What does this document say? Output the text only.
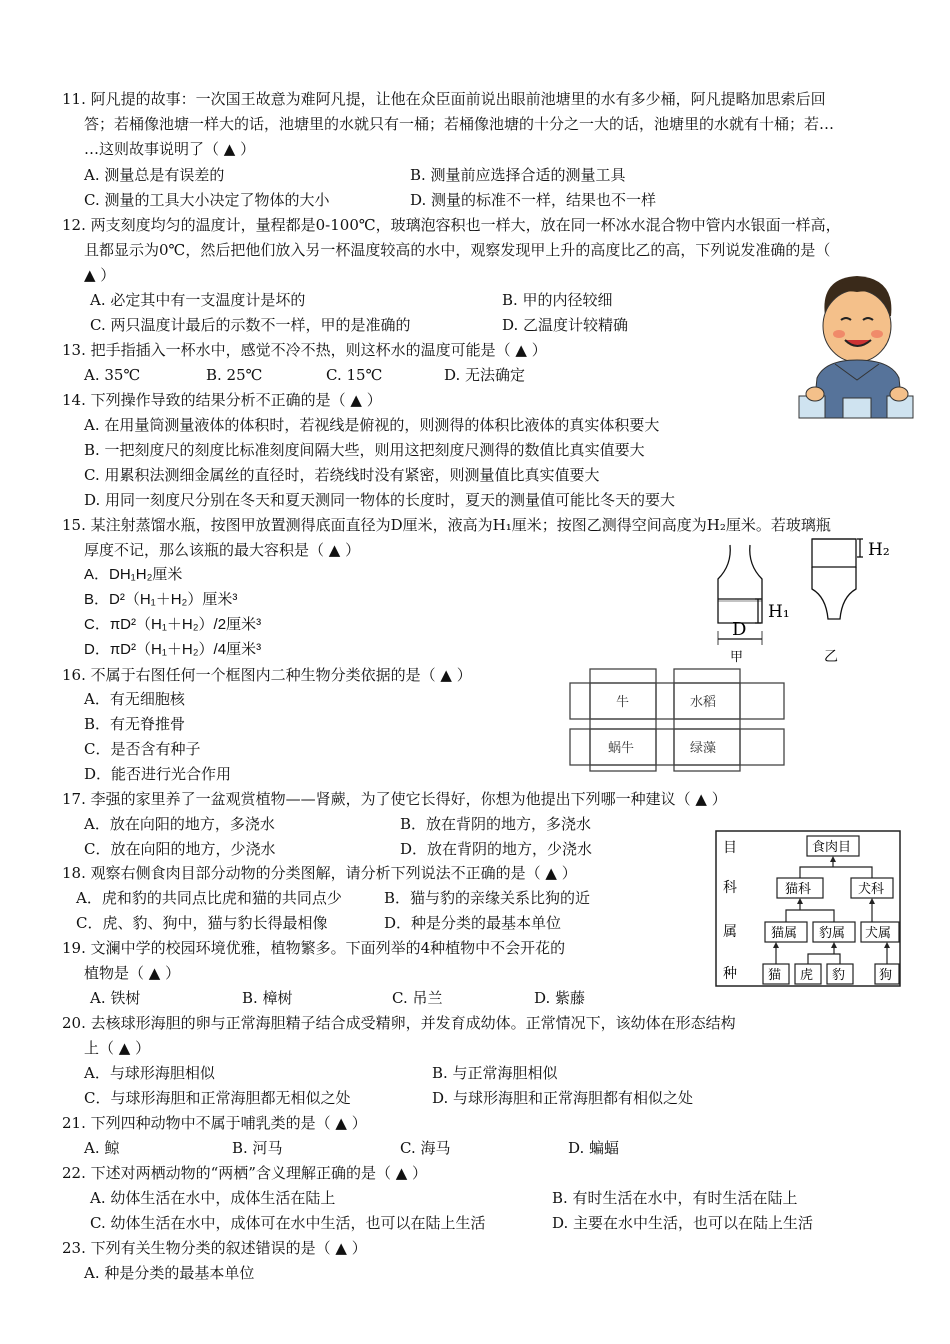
11. 阿凡提的故事：一次国王故意为难阿凡提，让他在众臣面前说出眼前池塘里的水有多少桶，阿凡提略加思索后回
答；若桶像池塘一样大的话，池塘里的水就只有一桶；若桶像池塘的十分之一大的话，池塘里的水就有十桶；若…
…这则故事说明了（ ▲ ）
A. 测量总是有误差的	B. 测量前应选择合适的测量工具
C. 测量的工具大小决定了物体的大小	D. 测量的标准不一样，结果也不一样
12. 两支刻度均匀的温度计，量程都是0-100℃，玻璃泡容积也一样大，放在同一杯冰水混合物中管内水银面一样高，
且都显示为0℃，然后把他们放入另一杯温度较高的水中，观察发现甲上升的高度比乙的高，下列说发准确的是（
▲ ）
A. 必定其中有一支温度计是坏的	B. 甲的内径较细
C. 两只温度计最后的示数不一样，甲的是准确的	D. 乙温度计较精确
13. 把手指插入一杯水中，感觉不冷不热，则这杯水的温度可能是（ ▲ ）
A. 35℃	B. 25℃	C. 15℃	D. 无法确定
14. 下列操作导致的结果分析不正确的是（ ▲ ）
A. 在用量筒测量液体的体积时，若视线是俯视的，则测得的体积比液体的真实体积要大
B. 一把刻度尺的刻度比标准刻度间隔大些，则用这把刻度尺测得的数值比真实值要大
C. 用累积法测细金属丝的直径时，若绕线时没有紧密，则测量值比真实值要大
D. 用同一刻度尺分别在冬天和夏天测同一物体的长度时，夏天的测量值可能比冬天的要大
15. 某注射蒸馏水瓶，按图甲放置测得底面直径为D厘米，液高为H₁厘米；按图乙测得空间高度为H₂厘米。若玻璃瓶
厚度不记，那么该瓶的最大容积是（ ▲ ）
A．DH₁H₂厘米
B．D²（H₁＋H₂）厘米³
C．πD²（H₁＋H₂）/2厘米³
D．πD²（H₁＋H₂）/4厘米³
H₁
D
甲
H₂
乙
16. 不属于右图任何一个框图内二种生物分类依据的是（ ▲ ）
A．有无细胞核
B．有无脊推骨
C．是否含有种子
D．能否进行光合作用
牛	水稻
蜗牛	绿藻
17. 李强的家里养了一盆观赏植物——肾蕨，为了使它长得好，你想为他提出下列哪一种建议（ ▲ ）
A．放在向阳的地方，多浇水	B．放在背阴的地方，多浇水
C．放在向阳的地方，少浇水	D．放在背阴的地方，少浇水
18. 观察右侧食肉目部分动物的分类图解，请分析下列说法不正确的是（ ▲ ）
A．虎和豹的共同点比虎和猫的共同点少	B．猫与豹的亲缘关系比狗的近
C．虎、豹、狗中，猫与豹长得最相像	D．种是分类的最基本单位
目
科
属
种
食肉目
猫科	犬科
猫属 豹属 犬属
猫 虎 豹	狗
19. 文澜中学的校园环境优雅，植物繁多。下面列举的4种植物中不会开花的
植物是（ ▲ ）
A. 铁树	B. 樟树	C. 吊兰	D. 紫藤
20. 去核球形海胆的卵与正常海胆精子结合成受精卵，并发育成幼体。正常情况下，该幼体在形态结构
上（ ▲ ）
A．与球形海胆相似	B. 与正常海胆相似
C．与球形海胆和正常海胆都无相似之处	D. 与球形海胆和正常海胆都有相似之处
21. 下列四种动物中不属于哺乳类的是（ ▲ ）
A. 鲸	B. 河马	C. 海马	D. 蝙蝠
22. 下述对两栖动物的“两栖”含义理解正确的是（ ▲ ）
A. 幼体生活在水中，成体生活在陆上	B. 有时生活在水中，有时生活在陆上
C. 幼体生活在水中，成体可在水中生活，也可以在陆上生活	D. 主要在水中生活，也可以在陆上生活
23. 下列有关生物分类的叙述错误的是（ ▲ ）
A. 种是分类的最基本单位
